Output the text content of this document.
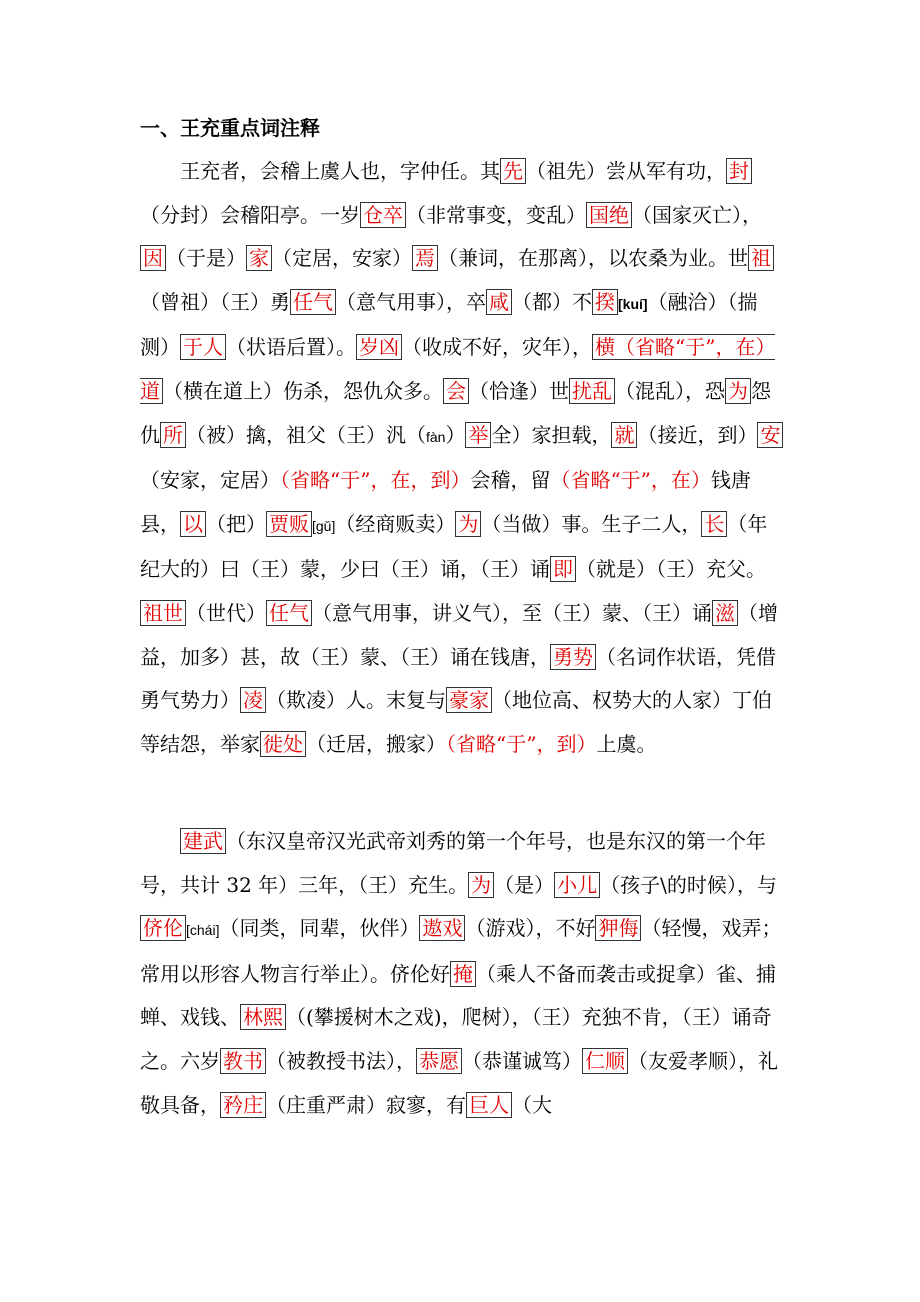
一、王充重点词注释

王充者，会稽上虞人也，字仲任。其 先 （祖先）尝从军有功， 封（分封）会稽阳亭。一岁 仓卒 （非常事变，变乱） 国绝 （国家灭亡），因 （于是） 家 （定居，安家） 焉 （兼词，在那离），以农桑为业。世 祖（曾祖）（王）勇 任气 （意气用事），卒 咸 （都）不 揆 [kuí]（融洽）（揣测） 于人 （状语后置）。 岁凶 （收成不好，灾年）， 横（省略“于”，在）道 （横在道上）伤杀，怨仇众多。 会 （恰逢）世 扰乱 （混乱），恐 为 怨仇 所 （被）擒，祖父（王）汎（fàn） 举 全）家担载， 就 （接近，到） 安（安家，定居）（省略“于”，在，到）会稽，留（省略“于”，在）钱唐县， 以 （把） 贾贩 [gǔ]（经商贩卖） 为 （当做）事。生子二人， 长 （年纪大的）曰（王）蒙，少曰（王）诵，（王）诵 即 （就是）（王）充父。祖世 （世代） 任气 （意气用事，讲义气），至（王）蒙、（王）诵 滋 （增益，加多）甚，故（王）蒙、（王）诵在钱唐， 勇势 （名词作状语，凭借勇气势力） 凌 （欺凌）人。末复与 豪家 （地位高、权势大的人家）丁伯等结怨，举家 徙处 （迁居，搬家）（省略“于”，到）上虞。

建武 （东汉皇帝汉光武帝刘秀的第一个年号，也是东汉的第一个年号，共计 32 年）三年，（王）充生。 为 （是） 小儿 （孩子\的时候），与侪伦 [chái]（同类，同辈，伙伴） 遨戏 （游戏），不好 狎侮 （轻慢，戏弄；常用以形容人物言行举止）。侪伦好 掩 （乘人不备而袭击或捉拿）雀、捕蝉、戏钱、 林熙 （(攀援树木之戏)，爬树），（王）充独不肯，（王）诵奇之。六岁 教书 （被教授书法）， 恭愿 （恭谨诚笃） 仁顺 （友爱孝顺），礼敬具备， 矜庄 （庄重严肃）寂寥，有 巨人 （大
